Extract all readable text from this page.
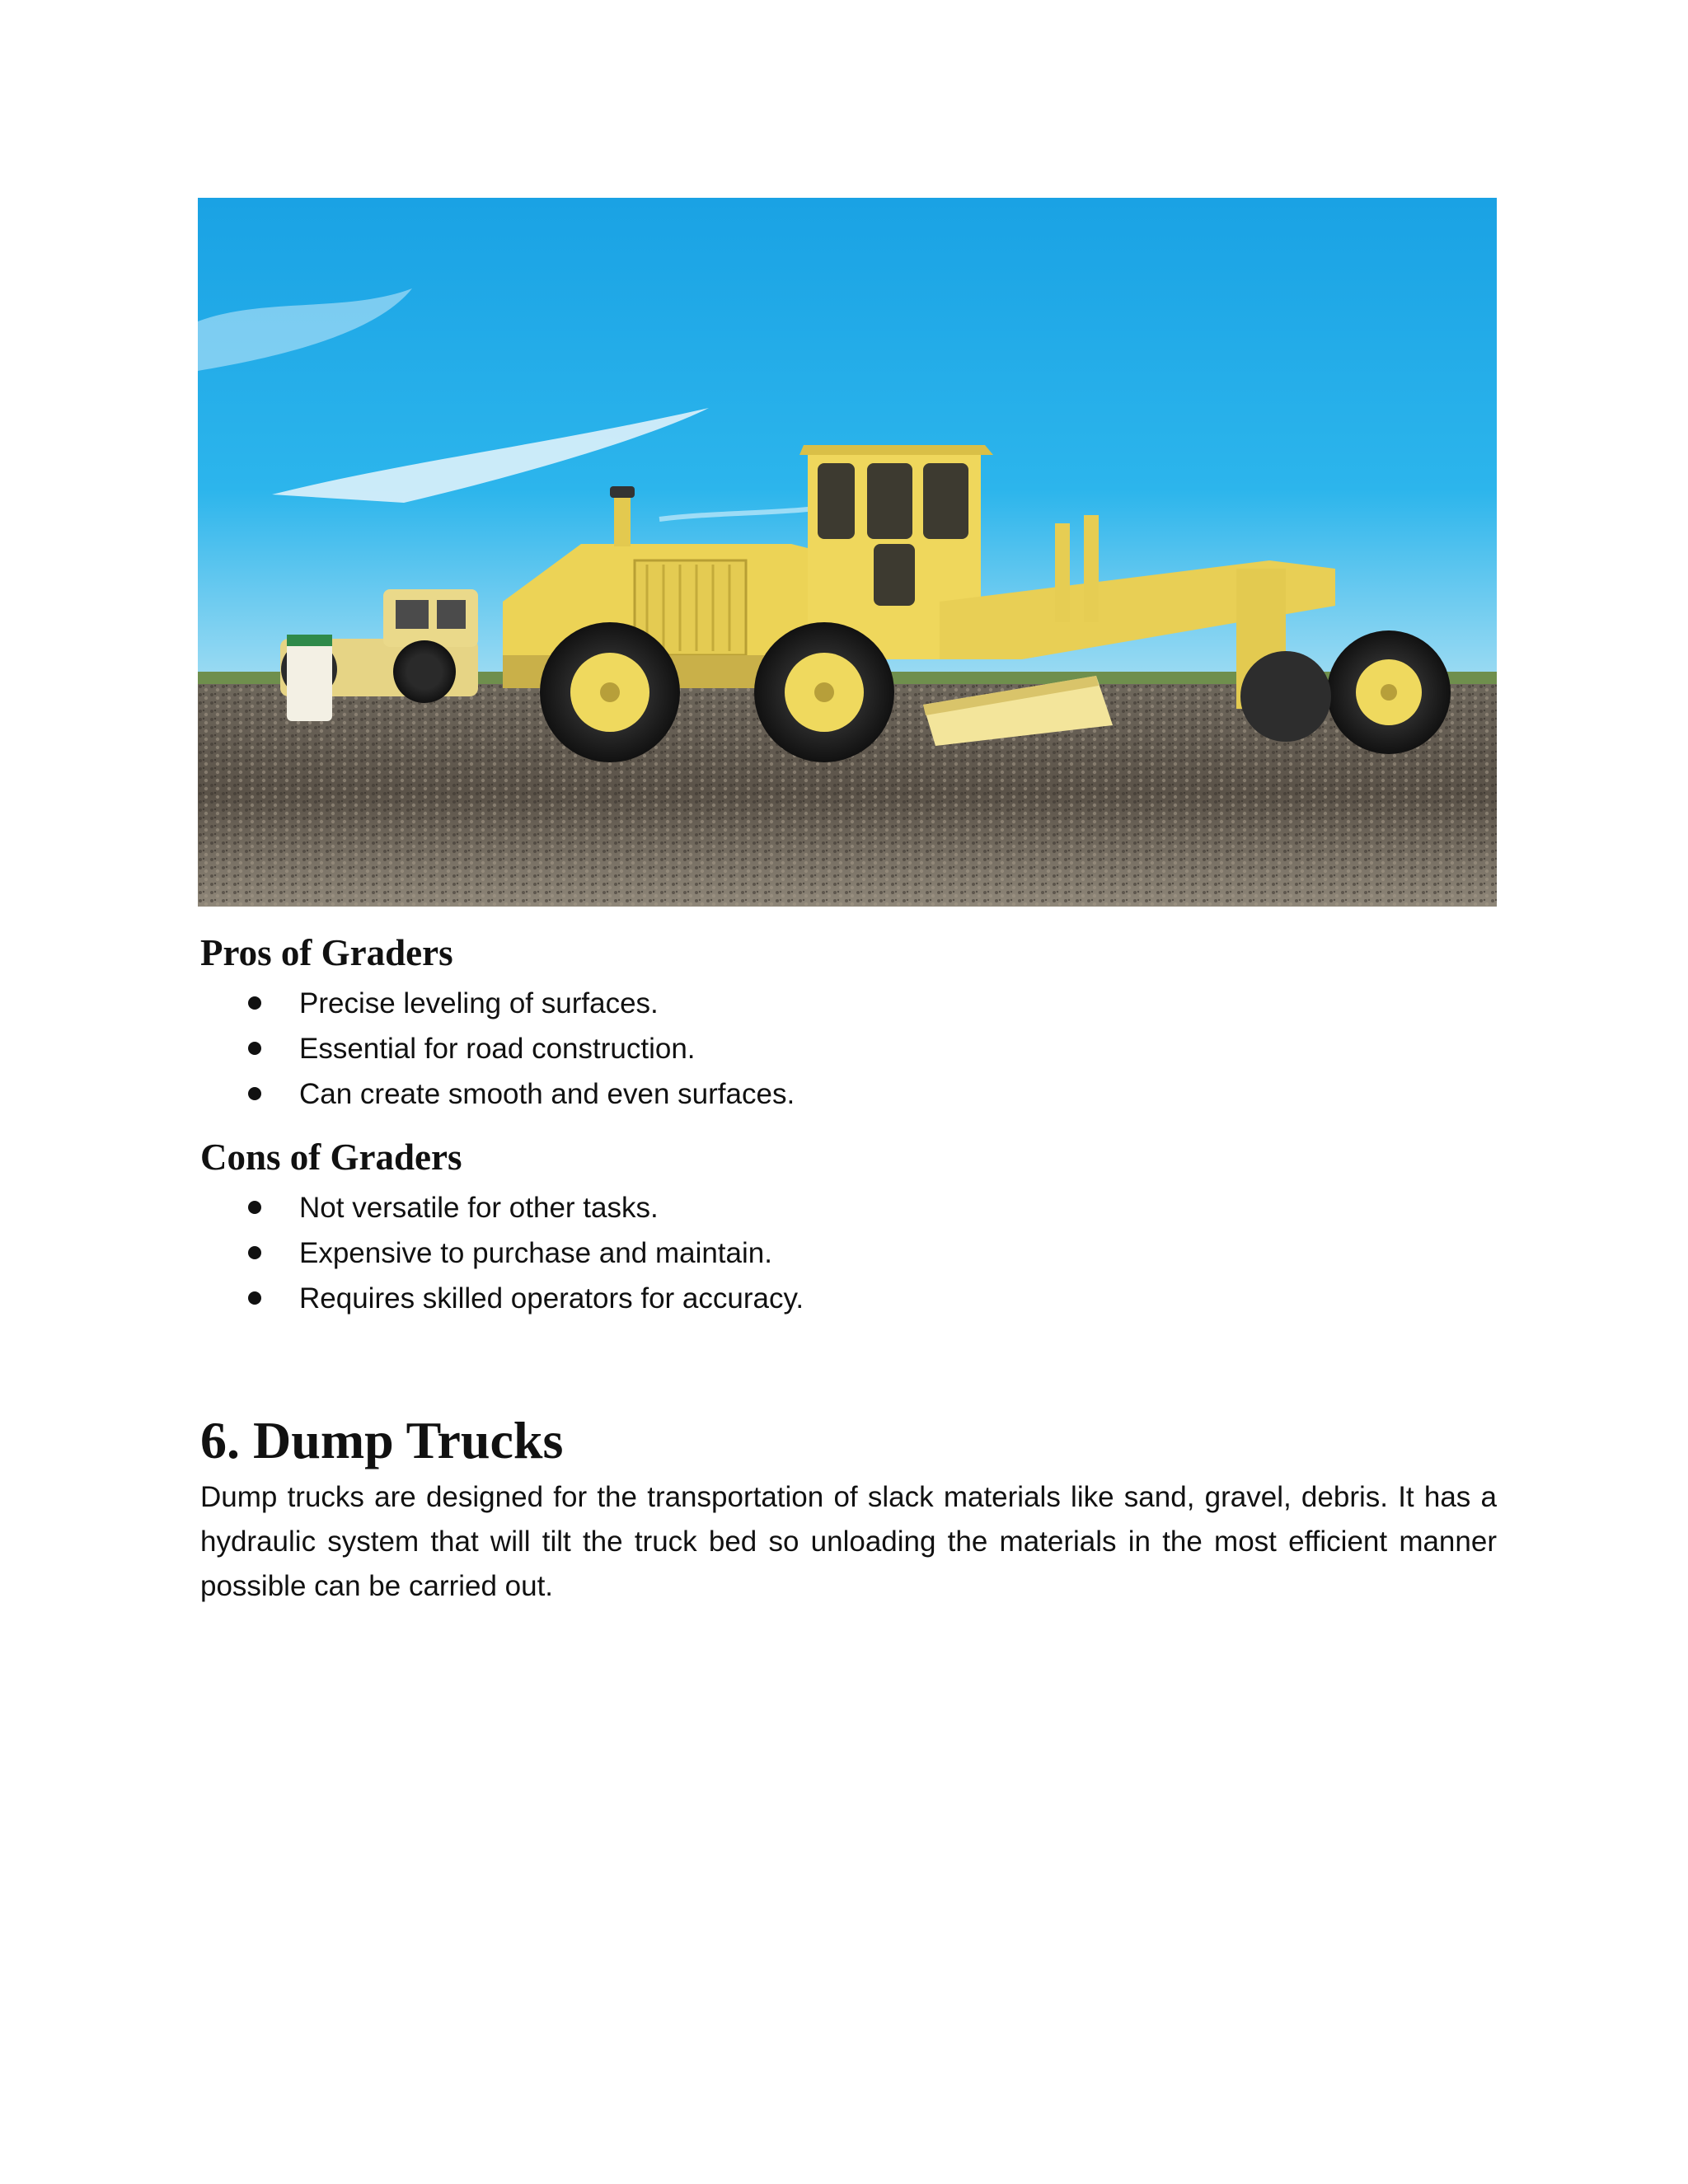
Pros of Graders
Precise leveling of surfaces.
Essential for road construction.
Can create smooth and even surfaces.
Cons of Graders
Not versatile for other tasks.
Expensive to purchase and maintain.
Requires skilled operators for accuracy.
6. Dump Trucks

Dump trucks are designed for the transportation of slack materials like sand, gravel, debris. It has a hydraulic system that will tilt the truck bed so unloading the materials in the most efficient manner possible can be carried out.
